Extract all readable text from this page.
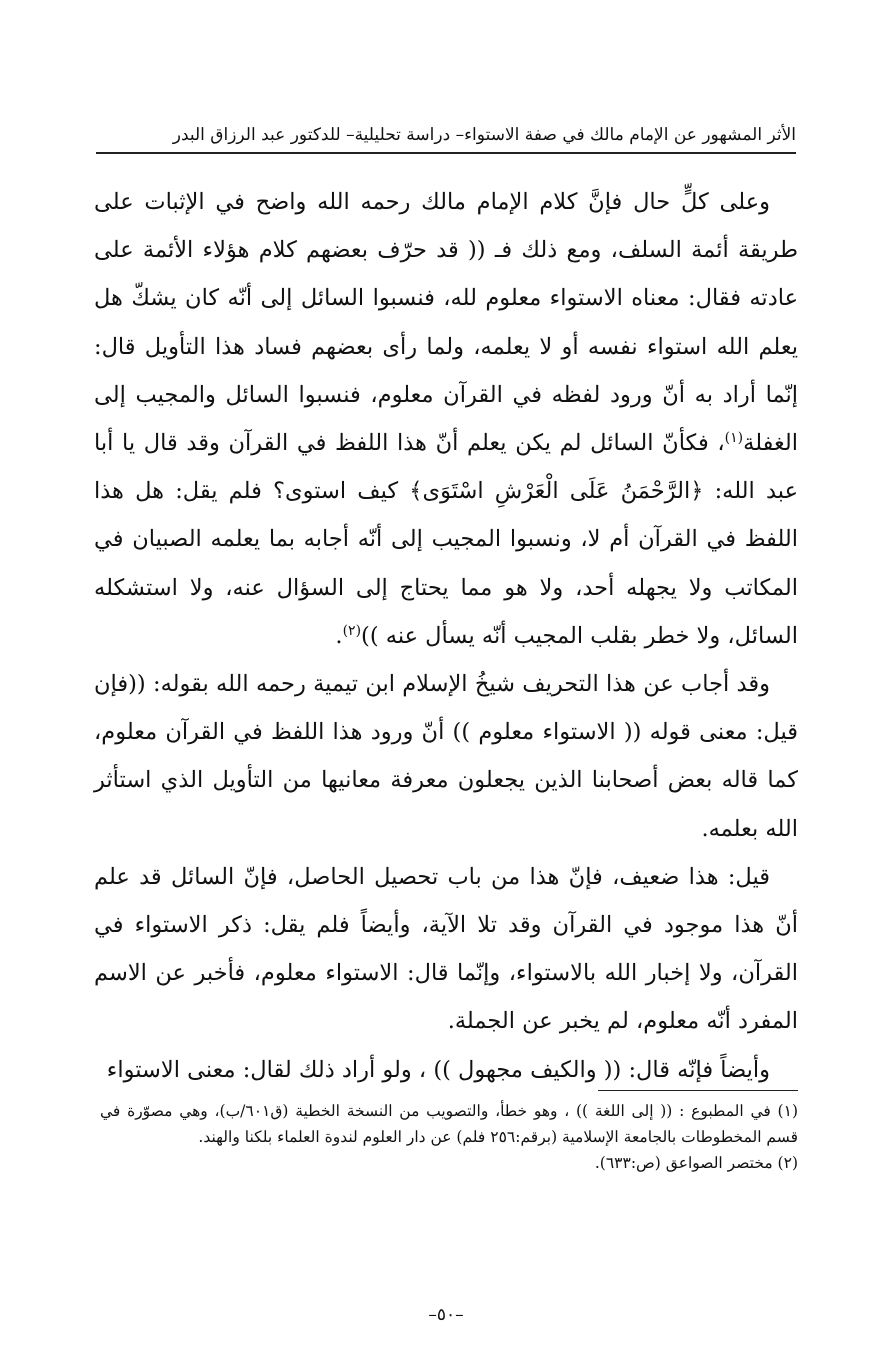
الأثر المشهور عن الإمام مالك في صفة الاستواء– دراسة تحليلية– للدكتور عبد الرزاق البدر

وعلى كلٍّ حال فإنَّ كلام الإمام مالك رحمه الله واضح في الإثبات على طريقة أئمة السلف، ومع ذلك فـ (( قد حرّف بعضهم كلام هؤلاء الأئمة على عادته فقال: معناه الاستواء معلوم لله، فنسبوا السائل إلى أنّه كان يشكّ هل يعلم الله استواء نفسه أو لا يعلمه، ولما رأى بعضهم فساد هذا التأويل قال: إنّما أراد به أنّ ورود لفظه في القرآن معلوم، فنسبوا السائل والمجيب إلى الغفلة$^{(١)}$، فكأنّ السائل لم يكن يعلم أنّ هذا اللفظ في القرآن وقد قال يا أبا عبد الله: ﴿الرَّحْمَنُ عَلَى الْعَرْشِ اسْتَوَى﴾ كيف استوى؟ فلم يقل: هل هذا اللفظ في القرآن أم لا، ونسبوا المجيب إلى أنّه أجابه بما يعلمه الصبيان في المكاتب ولا يجهله أحد، ولا هو مما يحتاج إلى السؤال عنه، ولا استشكله السائل، ولا خطر بقلب المجيب أنّه يسأل عنه ))$^{(٢)}$.

وقد أجاب عن هذا التحريف شيخُ الإسلام ابن تيمية رحمه الله بقوله: ((فإن قيل: معنى قوله (( الاستواء معلوم )) أنّ ورود هذا اللفظ في القرآن معلوم، كما قاله بعض أصحابنا الذين يجعلون معرفة معانيها من التأويل الذي استأثر الله بعلمه.

قيل: هذا ضعيف، فإنّ هذا من باب تحصيل الحاصل، فإنّ السائل قد علم أنّ هذا موجود في القرآن وقد تلا الآية، وأيضاً فلم يقل: ذكر الاستواء في القرآن، ولا إخبار الله بالاستواء، وإنّما قال: الاستواء معلوم، فأخبر عن الاسم المفرد أنّه معلوم، لم يخبر عن الجملة.

وأيضاً فإنّه قال: (( والكيف مجهول )) ، ولو أراد ذلك لقال: معنى الاستواء

(١) في المطبوع : (( إلى اللغة )) ، وهو خطأ، والتصويب من النسخة الخطية (ق٦٠١/ب)، وهي مصوّرة في قسم المخطوطات بالجامعة الإسلامية (برقم:٢٥٦ فلم) عن دار العلوم لندوة العلماء بلكنا والهند.

(٢) مختصر الصواعق (ص:٦٣٣).

–٥٠–
